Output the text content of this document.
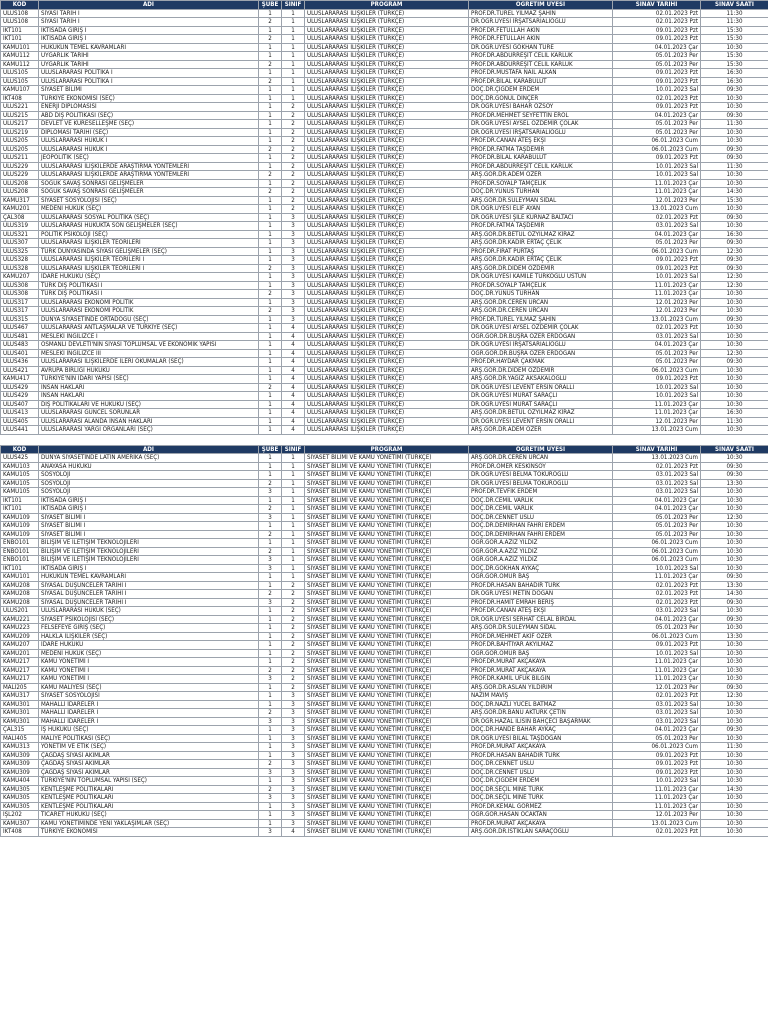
KOD	ADI	ŞUBE	SINIF	PROGRAM	ÖĞRETİM ÜYESİ	SINAV TARİHİ	SINAV SAATİ
ULUS108	SİYASİ TARİH I	1	1	ULUSLARARASI İLİŞKİLER (TÜRKÇE)	PROF.DR.TÜREL YILMAZ ŞAHİN	02.01.2023 Pzt	11:30
ULUS108	SİYASİ TARİH I	2	1	ULUSLARARASI İLİŞKİLER (TÜRKÇE)	DR.ÖĞR.ÜYESİ İRŞATSARIALİOĞLU	02.01.2023 Pzt	11:30
İKT101	İKTİSADA GİRİŞ I	1	1	ULUSLARARASI İLİŞKİLER (TÜRKÇE)	PROF.DR.FETULLAH AKIN	09.01.2023 Pzt	15:30
İKT101	İKTİSADA GİRİŞ I	2	1	ULUSLARARASI İLİŞKİLER (TÜRKÇE)	PROF.DR.FETULLAH AKIN	09.01.2023 Pzt	15:30
KAMU101	HUKUKUN TEMEL KAVRAMLARI	1	1	ULUSLARARASI İLİŞKİLER (TÜRKÇE)	DR.ÖĞR.ÜYESİ GÖKHAN TÜRE	04.01.2023 Çar	10:30
KAMU112	UYGARLIK TARİHİ	1	1	ULUSLARARASI İLİŞKİLER (TÜRKÇE)	PROF.DR.ABDURREŞİT CELİL KARLUK	05.01.2023 Per	15:30
KAMU112	UYGARLIK TARİHİ	2	1	ULUSLARARASI İLİŞKİLER (TÜRKÇE)	PROF.DR.ABDURREŞİT CELİL KARLUK	05.01.2023 Per	15:30
ULUS105	ULUSLARARASI POLİTİKA I	1	1	ULUSLARARASI İLİŞKİLER (TÜRKÇE)	PROF.DR.MUSTAFA NAİL ALKAN	09.01.2023 Pzt	16:30
ULUS105	ULUSLARARASI POLİTİKA I	2	1	ULUSLARARASI İLİŞKİLER (TÜRKÇE)	PROF.DR.BİLAL KARABULUT	09.01.2023 Pzt	16:30
KAMU107	SİYASET BİLİMİ	1	1	ULUSLARARASI İLİŞKİLER (TÜRKÇE)	DOÇ.DR.ÇİĞDEM ERDEM	10.01.2023 Sal	09:30
İKT408	TÜRKİYE EKONOMİSİ (SEÇ)	1	1	ULUSLARARASI İLİŞKİLER (TÜRKÇE)	DOÇ.DR.GÖNÜL DİNÇER	02.01.2023 Pzt	10:30
ULUS221	ENERJİ DİPLOMASİSİ	1	2	ULUSLARARASI İLİŞKİLER (TÜRKÇE)	DR.ÖĞR.ÜYESİ BAHAR ÖZSOY	09.01.2023 Pzt	10:30
ULUS215	ABD DIŞ POLİTİKASI (SEÇ)	1	2	ULUSLARARASI İLİŞKİLER (TÜRKÇE)	PROF.DR.MEHMET SEYFETTİN EROL	04.01.2023 Çar	09:30
ULUS217	DEVLET VE KÜRESELLEŞME (SEÇ)	1	2	ULUSLARARASI İLİŞKİLER (TÜRKÇE)	DR.ÖĞR.ÜYESİ AYSEL ÖZDEMİR ÇOLAK	05.01.2023 Per	11:30
ULUS219	DİPLOMASİ TARİHİ (SEÇ)	1	2	ULUSLARARASI İLİŞKİLER (TÜRKÇE)	DR.ÖĞR.ÜYESİ İRŞATSARIALİOĞLU	05.01.2023 Per	10:30
ULUS205	ULUSLARARASI HUKUK I	1	2	ULUSLARARASI İLİŞKİLER (TÜRKÇE)	PROF.DR.CANAN ATEŞ EKŞİ	06.01.2023 Cum	10:30
ULUS205	ULUSLARARASI HUKUK I	2	2	ULUSLARARASI İLİŞKİLER (TÜRKÇE)	PROF.DR.FATMA TAŞDEMİR	06.01.2023 Cum	09:30
ULUS211	JEOPOLİTİK (SEÇ)	1	2	ULUSLARARASI İLİŞKİLER (TÜRKÇE)	PROF.DR.BİLAL KARABULUT	09.01.2023 Pzt	09:30
ULUS229	ULUSLARARASI İLİŞKİLERDE ARAŞTIRMA YÖNTEMLERİ	1	2	ULUSLARARASI İLİŞKİLER (TÜRKÇE)	PROF.DR.ABDURREŞİT CELİL KARLUK	10.01.2023 Sal	11:30
ULUS229	ULUSLARARASI İLİŞKİLERDE ARAŞTIRMA YÖNTEMLERİ	2	2	ULUSLARARASI İLİŞKİLER (TÜRKÇE)	ARŞ.GÖR.DR.ADEM ÖZER	10.01.2023 Sal	10:30
ULUS208	SOĞUK SAVAŞ SONRASI GELİŞMELER	1	2	ULUSLARARASI İLİŞKİLER (TÜRKÇE)	PROF.DR.SOYALP TAMÇELİK	11.01.2023 Çar	10:30
ULUS208	SOĞUK SAVAŞ SONRASI GELİŞMELER	2	2	ULUSLARARASI İLİŞKİLER (TÜRKÇE)	DOÇ.DR.YUNUS TURHAN	11.01.2023 Çar	14:30
KAMU317	SİYASET SOSYOLOJİSİ (SEÇ)	1	2	ULUSLARARASI İLİŞKİLER (TÜRKÇE)	ARŞ.GÖR.DR.SÜLEYMAN SIDAL	12.01.2023 Per	15:30
KAMU201	MEDENİ HUKUK (SEÇ)	1	2	ULUSLARARASI İLİŞKİLER (TÜRKÇE)	DR.ÖĞR.ÜYESİ ELİF AYAN	13.01.2023 Cum	10:30
ÇAL308	ULUSLARARASI SOSYAL POLİTİKA (SEÇ)	1	3	ULUSLARARASI İLİŞKİLER (TÜRKÇE)	DR.ÖĞR.ÜYESİ ŞİLE KURNAZ BALTACI	02.01.2023 Pzt	09:30
ULUS319	ULUSLARARASI HUKUKTA SON GELİŞMELER (SEÇ)	1	3	ULUSLARARASI İLİŞKİLER (TÜRKÇE)	PROF.DR.FATMA TAŞDEMİR	03.01.2023 Sal	10:30
ULUS321	POLİTİK PSİKOLOJİ (SEÇ)	1	3	ULUSLARARASI İLİŞKİLER (TÜRKÇE)	ARŞ.GÖR.DR.BETÜL ÖZYILMAZ KİRAZ	04.01.2023 Çar	16:30
ULUS307	ULUSLARARASI İLİŞKİLER TEORİLERİ	1	3	ULUSLARARASI İLİŞKİLER (TÜRKÇE)	ARŞ.GÖR.DR.KADİR ERTAÇ ÇELİK	05.01.2023 Per	09:30
ULUS325	TÜRK DÜNYASINDA SİYASİ GELİŞMELER (SEÇ)	1	3	ULUSLARARASI İLİŞKİLER (TÜRKÇE)	PROF.DR.FIRAT PURTAŞ	06.01.2023 Cum	12:30
ULUS328	ULUSLARARASI İLİŞKİLER TEORİLERİ I	1	3	ULUSLARARASI İLİŞKİLER (TÜRKÇE)	ARŞ.GÖR.DR.KADİR ERTAÇ ÇELİK	09.01.2023 Pzt	09:30
ULUS328	ULUSLARARASI İLİŞKİLER TEORİLERİ I	2	3	ULUSLARARASI İLİŞKİLER (TÜRKÇE)	ARŞ.GÖR.DR.DİDEM ÖZDEMİR	09.01.2023 Pzt	09:30
KAMU207	İDARE HUKUKU (SEÇ)	1	3	ULUSLARARASI İLİŞKİLER (TÜRKÇE)	DR.ÖĞR.ÜYESİ KAMİLE TÜRKOĞLU ÜSTÜN	10.01.2023 Sal	12:30
ULUS308	TÜRK DIŞ POLİTİKASI I	1	3	ULUSLARARASI İLİŞKİLER (TÜRKÇE)	PROF.DR.SOYALP TAMÇELİK	11.01.2023 Çar	12:30
ULUS308	TÜRK DIŞ POLİTİKASI I	2	3	ULUSLARARASI İLİŞKİLER (TÜRKÇE)	DOÇ.DR.YUNUS TURHAN	11.01.2023 Çar	10:30
ULUS317	ULUSLARARASI EKONOMİ POLİTİK	1	3	ULUSLARARASI İLİŞKİLER (TÜRKÇE)	ARŞ.GÖR.DR.CEREN URCAN	12.01.2023 Per	10:30
ULUS317	ULUSLARARASI EKONOMİ POLİTİK	2	3	ULUSLARARASI İLİŞKİLER (TÜRKÇE)	ARŞ.GÖR.DR.CEREN URCAN	12.01.2023 Per	10:30
ULUS315	DÜNYA SİYASETİNDE ORTADOĞU (SEÇ)	1	3	ULUSLARARASI İLİŞKİLER (TÜRKÇE)	PROF.DR.TÜREL YILMAZ ŞAHİN	13.01.2023 Cum	09:30
ULUS467	ULUSLARARASI ANTLAŞMALAR VE TÜRKİYE (SEÇ)	1	4	ULUSLARARASI İLİŞKİLER (TÜRKÇE)	DR.ÖĞR.ÜYESİ AYSEL ÖZDEMİR ÇOLAK	02.01.2023 Pzt	10:30
ULUS481	MESLEKİ İNGİLİZCE I	1	4	ULUSLARARASI İLİŞKİLER (TÜRKÇE)	ÖĞR.GÖR.DR.BÜŞRA ÖZER ERDOĞAN	03.01.2023 Sal	10:30
ULUS483	OSMANLI DEVLETİ'NİN SİYASİ TOPLUMSAL VE EKONOMİK YAPISI	1	4	ULUSLARARASI İLİŞKİLER (TÜRKÇE)	DR.ÖĞR.ÜYESİ İRŞATSARIALİOĞLU	04.01.2023 Çar	10:30
ULUS401	MESLEKİ İNGİLİZCE III	1	4	ULUSLARARASI İLİŞKİLER (TÜRKÇE)	ÖĞR.GÖR.DR.BÜŞRA ÖZER ERDOĞAN	05.01.2023 Per	12:30
ULUS436	ULUSLARARASI İLİŞKİLERDE İLERİ OKUMALAR (SEÇ)	1	4	ULUSLARARASI İLİŞKİLER (TÜRKÇE)	PROF.DR.HAYDAR ÇAKMAK	05.01.2023 Per	09:30
ULUS421	AVRUPA BİRLİĞİ HUKUKU	1	4	ULUSLARARASI İLİŞKİLER (TÜRKÇE)	ARŞ.GÖR.DR.DİDEM ÖZDEMİR	06.01.2023 Cum	10:30
KAMU417	TÜRKİYE'NİN İDARİ YAPISI (SEÇ)	1	4	ULUSLARARASI İLİŞKİLER (TÜRKÇE)	ARŞ.GÖR.DR.YAĞIZ AKSAKALOĞLU	09.01.2023 Pzt	10:30
ULUS429	İNSAN HAKLARI	2	4	ULUSLARARASI İLİŞKİLER (TÜRKÇE)	DR.ÖĞR.ÜYESİ LEVENT ERSİN ORALLI	10.01.2023 Sal	10:30
ULUS429	İNSAN HAKLARI	1	4	ULUSLARARASI İLİŞKİLER (TÜRKÇE)	DR.ÖĞR.ÜYESİ MURAT SARAÇLI	10.01.2023 Sal	10:30
ULUS407	DIŞ POLİTİKALARI VE HUKUKU (SEÇ)	1	4	ULUSLARARASI İLİŞKİLER (TÜRKÇE)	DR.ÖĞR.ÜYESİ MURAT SARAÇLI	11.01.2023 Çar	10:30
ULUS413	ULUSLARARASI GÜNCEL SORUNLAR	1	4	ULUSLARARASI İLİŞKİLER (TÜRKÇE)	ARŞ.GÖR.DR.BETÜL ÖZYILMAZ KİRAZ	11.01.2023 Çar	16:30
ULUS405	ULUSLARARASI ALANDA İNSAN HAKLARI	1	4	ULUSLARARASI İLİŞKİLER (TÜRKÇE)	DR.ÖĞR.ÜYESİ LEVENT ERSİN ORALLI	12.01.2023 Per	11:30
ULUS441	ULUSLARARASI YARGI ORGANLARI (SEÇ)	1	4	ULUSLARARASI İLİŞKİLER (TÜRKÇE)	ARŞ.GÖR.DR.ADEM ÖZER	13.01.2023 Cum	10:30
KOD	ADI	ŞUBE	SINIF	PROGRAM	ÖĞRETİM ÜYESİ	SINAV TARİHİ	SINAV SAATİ
ULUS425	DÜNYA SİYASETİNDE LATİN AMERİKA (SEÇ)	1	1	SİYASET BİLİMİ VE KAMU YÖNETİMİ (TÜRKÇE)	ARŞ.GÖR.DR.CEREN URCAN	13.01.2023 Cum	10:30
KAMU103	ANAYASA HUKUKU	1	1	SİYASET BİLİMİ VE KAMU YÖNETİMİ (TÜRKÇE)	PROF.DR.ÖMER KESKİNSOY	02.01.2023 Pzt	09:30
KAMU105	SOSYOLOJİ	1	1	SİYASET BİLİMİ VE KAMU YÖNETİMİ (TÜRKÇE)	DR.ÖĞR.ÜYESİ BELMA TOKUROĞLU	03.01.2023 Sal	09:30
KAMU105	SOSYOLOJİ	2	1	SİYASET BİLİMİ VE KAMU YÖNETİMİ (TÜRKÇE)	DR.ÖĞR.ÜYESİ BELMA TOKUROĞLU	03.01.2023 Sal	13:30
KAMU105	SOSYOLOJİ	3	1	SİYASET BİLİMİ VE KAMU YÖNETİMİ (TÜRKÇE)	PROF.DR.TEVFİK ERDEM	03.01.2023 Sal	10:30
İKT101	İKTİSADA GİRİŞ I	1	1	SİYASET BİLİMİ VE KAMU YÖNETİMİ (TÜRKÇE)	DOÇ.DR.CEMİL VARLIK	04.01.2023 Çar	10:30
İKT101	İKTİSADA GİRİŞ I	2	1	SİYASET BİLİMİ VE KAMU YÖNETİMİ (TÜRKÇE)	DOÇ.DR.CEMİL VARLIK	04.01.2023 Çar	10:30
KAMU109	SİYASET BİLİMİ I	3	1	SİYASET BİLİMİ VE KAMU YÖNETİMİ (TÜRKÇE)	DOÇ.DR.CENNET USLU	05.01.2023 Per	12:30
KAMU109	SİYASET BİLİMİ I	1	1	SİYASET BİLİMİ VE KAMU YÖNETİMİ (TÜRKÇE)	DOÇ.DR.DEMİRHAN FAHRİ ERDEM	05.01.2023 Per	10:30
KAMU109	SİYASET BİLİMİ I	2	1	SİYASET BİLİMİ VE KAMU YÖNETİMİ (TÜRKÇE)	DOÇ.DR.DEMİRHAN FAHRİ ERDEM	05.01.2023 Per	10:30
ENBO101	BİLİŞİM VE İLETİŞİM TEKNOLOJİLERİ	1	1	SİYASET BİLİMİ VE KAMU YÖNETİMİ (TÜRKÇE)	ÖĞR.GÖR.A.AZİZ YILDIZ	06.01.2023 Cum	10:30
ENBO101	BİLİŞİM VE İLETİŞİM TEKNOLOJİLERİ	2	1	SİYASET BİLİMİ VE KAMU YÖNETİMİ (TÜRKÇE)	ÖĞR.GÖR.A.AZİZ YILDIZ	06.01.2023 Cum	10:30
ENBO101	BİLİŞİM VE İLETİŞİM TEKNOLOJİLERİ	3	1	SİYASET BİLİMİ VE KAMU YÖNETİMİ (TÜRKÇE)	ÖĞR.GÖR.A.AZİZ YILDIZ	06.01.2023 Cum	10:30
İKT101	İKTİSADA GİRİŞ I	3	1	SİYASET BİLİMİ VE KAMU YÖNETİMİ (TÜRKÇE)	DOÇ.DR.GÖKHAN AYKAÇ	10.01.2023 Sal	10:30
KAMU101	HUKUKUN TEMEL KAVRAMLARI	1	1	SİYASET BİLİMİ VE KAMU YÖNETİMİ (TÜRKÇE)	ÖĞR.GÖR.ÖMÜR BAŞ	11.01.2023 Çar	09:30
KAMU208	SİYASAL DÜŞÜNCELER TARİHİ I	1	2	SİYASET BİLİMİ VE KAMU YÖNETİMİ (TÜRKÇE)	PROF.DR.HASAN BAHADIR TÜRK	02.01.2023 Pzt	13:30
KAMU208	SİYASAL DÜŞÜNCELER TARİHİ I	2	2	SİYASET BİLİMİ VE KAMU YÖNETİMİ (TÜRKÇE)	DR.ÖĞR.ÜYESİ METİN DOĞAN	02.01.2023 Pzt	14:30
KAMU208	SİYASAL DÜŞÜNCELER TARİHİ I	3	2	SİYASET BİLİMİ VE KAMU YÖNETİMİ (TÜRKÇE)	PROF.DR.HAMİT EMRAH BERİŞ	02.01.2023 Pzt	09:30
ULUS201	ULUSLARARASI HUKUK (SEÇ)	1	2	SİYASET BİLİMİ VE KAMU YÖNETİMİ (TÜRKÇE)	PROF.DR.CANAN ATEŞ EKŞİ	03.01.2023 Sal	10:30
KAMU221	SİYASET PSİKOLOJİSİ (SEÇ)	1	2	SİYASET BİLİMİ VE KAMU YÖNETİMİ (TÜRKÇE)	DR.ÖĞR.ÜYESİ SERHAT CELAL BİRDAL	04.01.2023 Çar	09:30
KAMU223	FELSEFEYE GİRİŞ (SEÇ)	1	2	SİYASET BİLİMİ VE KAMU YÖNETİMİ (TÜRKÇE)	ARŞ.GÖR.DR.SÜLEYMAN SIDAL	05.01.2023 Per	10:30
KAMU209	HALKLA İLİŞKİLER (SEÇ)	1	2	SİYASET BİLİMİ VE KAMU YÖNETİMİ (TÜRKÇE)	PROF.DR.MEHMET AKİF ÖZER	06.01.2023 Cum	13:30
KAMU207	İDARE HUKUKU	1	2	SİYASET BİLİMİ VE KAMU YÖNETİMİ (TÜRKÇE)	PROF.DR.BAHTİYAR AKYILMAZ	09.01.2023 Pzt	10:30
KAMU201	MEDENİ HUKUK (SEÇ)	1	2	SİYASET BİLİMİ VE KAMU YÖNETİMİ (TÜRKÇE)	ÖĞR.GÖR.ÖMÜR BAŞ	10.01.2023 Sal	10:30
KAMU217	KAMU YÖNETİMİ I	1	2	SİYASET BİLİMİ VE KAMU YÖNETİMİ (TÜRKÇE)	PROF.DR.MURAT AKÇAKAYA	11.01.2023 Çar	10:30
KAMU217	KAMU YÖNETİMİ I	2	2	SİYASET BİLİMİ VE KAMU YÖNETİMİ (TÜRKÇE)	PROF.DR.MURAT AKÇAKAYA	11.01.2023 Çar	10:30
KAMU217	KAMU YÖNETİMİ I	3	2	SİYASET BİLİMİ VE KAMU YÖNETİMİ (TÜRKÇE)	PROF.DR.KAMİL UFUK BİLGİN	11.01.2023 Çar	10:30
MALİ205	KAMU MALİYESİ (SEÇ)	1	2	SİYASET BİLİMİ VE KAMU YÖNETİMİ (TÜRKÇE)	ARŞ.GÖR.DR.ASLAN YILDIRIM	12.01.2023 Per	09:30
KAMU317	SİYASET SOSYOLOJİSİ	1	3	SİYASET BİLİMİ VE KAMU YÖNETİMİ (TÜRKÇE)	NAZIM MAVİŞ	02.01.2023 Pzt	12:30
KAMU301	MAHALLİ İDARELER I	1	3	SİYASET BİLİMİ VE KAMU YÖNETİMİ (TÜRKÇE)	DOÇ.DR.NAZLI YÜCEL BATMAZ	03.01.2023 Sal	10:30
KAMU301	MAHALLİ İDARELER I	2	3	SİYASET BİLİMİ VE KAMU YÖNETİMİ (TÜRKÇE)	ARŞ.GÖR.DR.BANU AKTURK ÇETİN	03.01.2023 Sal	10:30
KAMU301	MAHALLİ İDARELER I	3	3	SİYASET BİLİMİ VE KAMU YÖNETİMİ (TÜRKÇE)	DR.ÖĞR.HAZAL ILISIN BAHÇECİ BAŞARMAK	03.01.2023 Sal	10:30
ÇAL315	İŞ HUKUKU (SEÇ)	1	3	SİYASET BİLİMİ VE KAMU YÖNETİMİ (TÜRKÇE)	DOÇ.DR.HANDE BAHAR AYKAÇ	04.01.2023 Çar	09:30
MALİ405	MALİYE POLİTİKASI (SEÇ)	1	3	SİYASET BİLİMİ VE KAMU YÖNETİMİ (TÜRKÇE)	DR.ÖĞR.ÜYESİ BİLAL TAŞDOĞAN	05.01.2023 Per	10:30
KAMU313	YÖNETİM VE ETİK (SEÇ)	1	3	SİYASET BİLİMİ VE KAMU YÖNETİMİ (TÜRKÇE)	PROF.DR.MURAT AKÇAKAYA	06.01.2023 Cum	11:30
KAMU309	ÇAĞDAŞ SİYASİ AKIMLAR	1	3	SİYASET BİLİMİ VE KAMU YÖNETİMİ (TÜRKÇE)	PROF.DR.HASAN BAHADIR TÜRK	09.01.2023 Pzt	10:30
KAMU309	ÇAĞDAŞ SİYASİ AKIMLAR	2	3	SİYASET BİLİMİ VE KAMU YÖNETİMİ (TÜRKÇE)	DOÇ.DR.CENNET USLU	09.01.2023 Pzt	10:30
KAMU309	ÇAĞDAŞ SİYASİ AKIMLAR	3	3	SİYASET BİLİMİ VE KAMU YÖNETİMİ (TÜRKÇE)	DOÇ.DR.CENNET USLU	09.01.2023 Pzt	10:30
KAMU404	TÜRKİYE'NİN TOPLUMSAL YAPISI (SEÇ)	1	3	SİYASET BİLİMİ VE KAMU YÖNETİMİ (TÜRKÇE)	DOÇ.DR.ÇİĞDEM ERDEM	10.01.2023 Sal	10:30
KAMU305	KENTLEŞME POLİTİKALARI	2	3	SİYASET BİLİMİ VE KAMU YÖNETİMİ (TÜRKÇE)	DOÇ.DR.SEÇİL MİNE TÜRK	11.01.2023 Çar	14:30
KAMU305	KENTLEŞME POLİTİKALARI	3	3	SİYASET BİLİMİ VE KAMU YÖNETİMİ (TÜRKÇE)	DOÇ.DR.SEÇİL MİNE TÜRK	11.01.2023 Çar	10:30
KAMU305	KENTLEŞME POLİTİKALARI	1	3	SİYASET BİLİMİ VE KAMU YÖNETİMİ (TÜRKÇE)	PROF.DR.KEMAL GÖRMEZ	11.01.2023 Çar	10:30
İŞL202	TİCARET HUKUKU (SEÇ)	1	3	SİYASET BİLİMİ VE KAMU YÖNETİMİ (TÜRKÇE)	ÖĞR.GÖR.HASAN OCAKTAN	12.01.2023 Per	10:30
KAMU307	KAMU YÖNETİMİNDE YENİ YAKLAŞIMLAR (SEÇ)	1	3	SİYASET BİLİMİ VE KAMU YÖNETİMİ (TÜRKÇE)	PROF.DR.MURAT AKÇAKAYA	13.01.2023 Cum	10:30
İKT408	TÜRKİYE EKONOMİSİ	3	4	SİYASET BİLİMİ VE KAMU YÖNETİMİ (TÜRKÇE)	ARŞ.GÖR.DR.İSTİKLAN SARAÇOĞLU	02.01.2023 Pzt	10:30
